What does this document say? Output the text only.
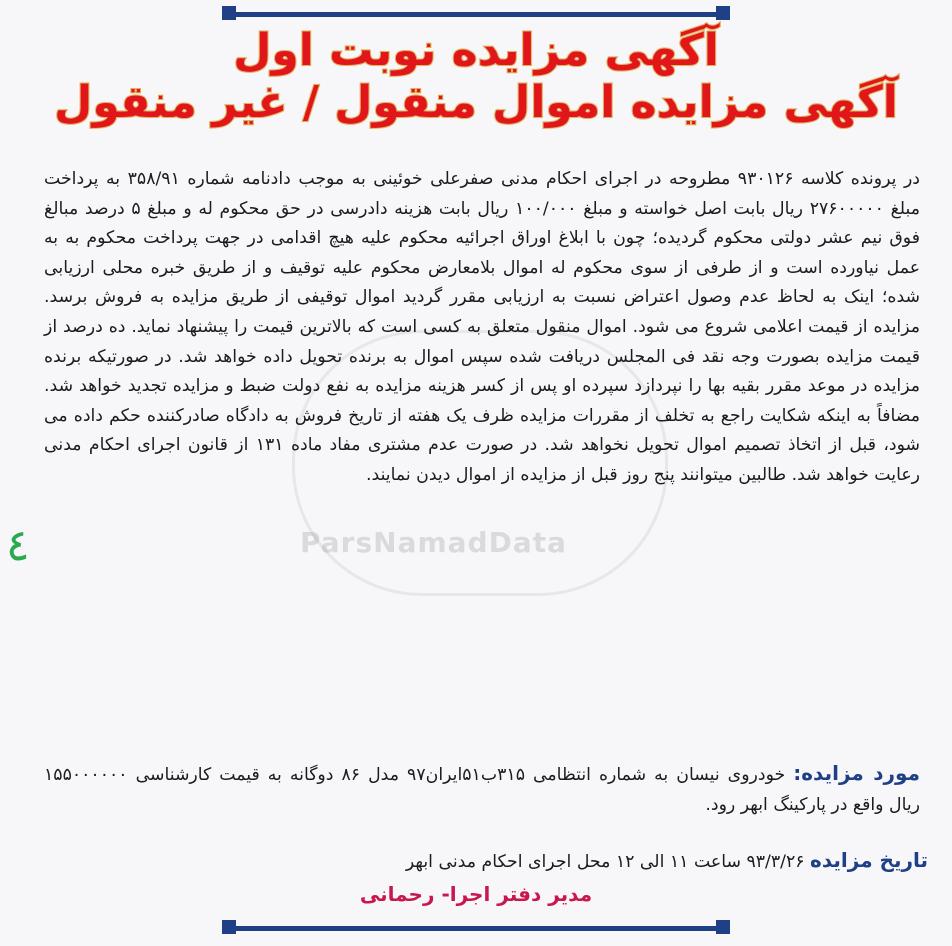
ParsNamadData
٤
آگهی مزایده نوبت اول
آگهی مزایده اموال منقول / غیر منقول

در پرونده کلاسه ۹۳۰۱۲۶ مطروحه در اجرای احکام مدنی صفرعلی خوئینی به موجب دادنامه شماره ۳۵۸/۹۱ به پرداخت مبلغ ۲۷۶۰۰۰۰۰ ریال بابت اصل خواسته و مبلغ ۱۰۰/۰۰۰ ریال بابت هزینه دادرسی در حق محکوم له و مبلغ ۵ درصد مبالغ فوق نیم عشر دولتی محکوم گردیده؛ چون با ابلاغ اوراق اجرائیه محکوم علیه هیچ اقدامی در جهت پرداخت محکوم به به عمل نیاورده است و از طرفی از سوی محکوم له اموال بلامعارض محکوم علیه توقیف و از طریق خبره محلی ارزیابی شده؛ اینک به لحاظ عدم وصول اعتراض نسبت به ارزیابی مقرر گردید اموال توقیفی از طریق مزایده به فروش برسد. مزایده از قیمت اعلامی شروع می شود. اموال منقول متعلق به کسی است که بالاترین قیمت را پیشنهاد نماید. ده درصد از قیمت مزایده بصورت وجه نقد فی المجلس دریافت شده سپس اموال به برنده تحویل داده خواهد شد. در صورتیکه برنده مزایده در موعد مقرر بقیه بها را نپردازد سپرده او پس از کسر هزینه مزایده به نفع دولت ضبط و مزایده تجدید خواهد شد. مضافاً به اینکه شکایت راجع به تخلف از مقررات مزایده ظرف یک هفته از تاریخ فروش به دادگاه صادرکننده حکم داده می شود، قبل از اتخاذ تصمیم اموال تحویل نخواهد شد. در صورت عدم مشتری مفاد ماده ۱۳۱ از قانون اجرای احکام مدنی رعایت خواهد شد. طالبین میتوانند پنج روز قبل از مزایده از اموال دیدن نمایند.

مورد مزایده: خودروی نیسان به شماره انتظامی ۳۱۵ب۵۱ایران۹۷ مدل ۸۶ دوگانه به قیمت کارشناسی ۱۵۵۰۰۰۰۰۰ ریال واقع در پارکینگ ابهر رود.

تاریخ مزایده ۹۳/۳/۲۶ ساعت ۱۱ الی ۱۲ محل اجرای احکام مدنی ابهر
مدیر دفتر اجرا- رحمانی
